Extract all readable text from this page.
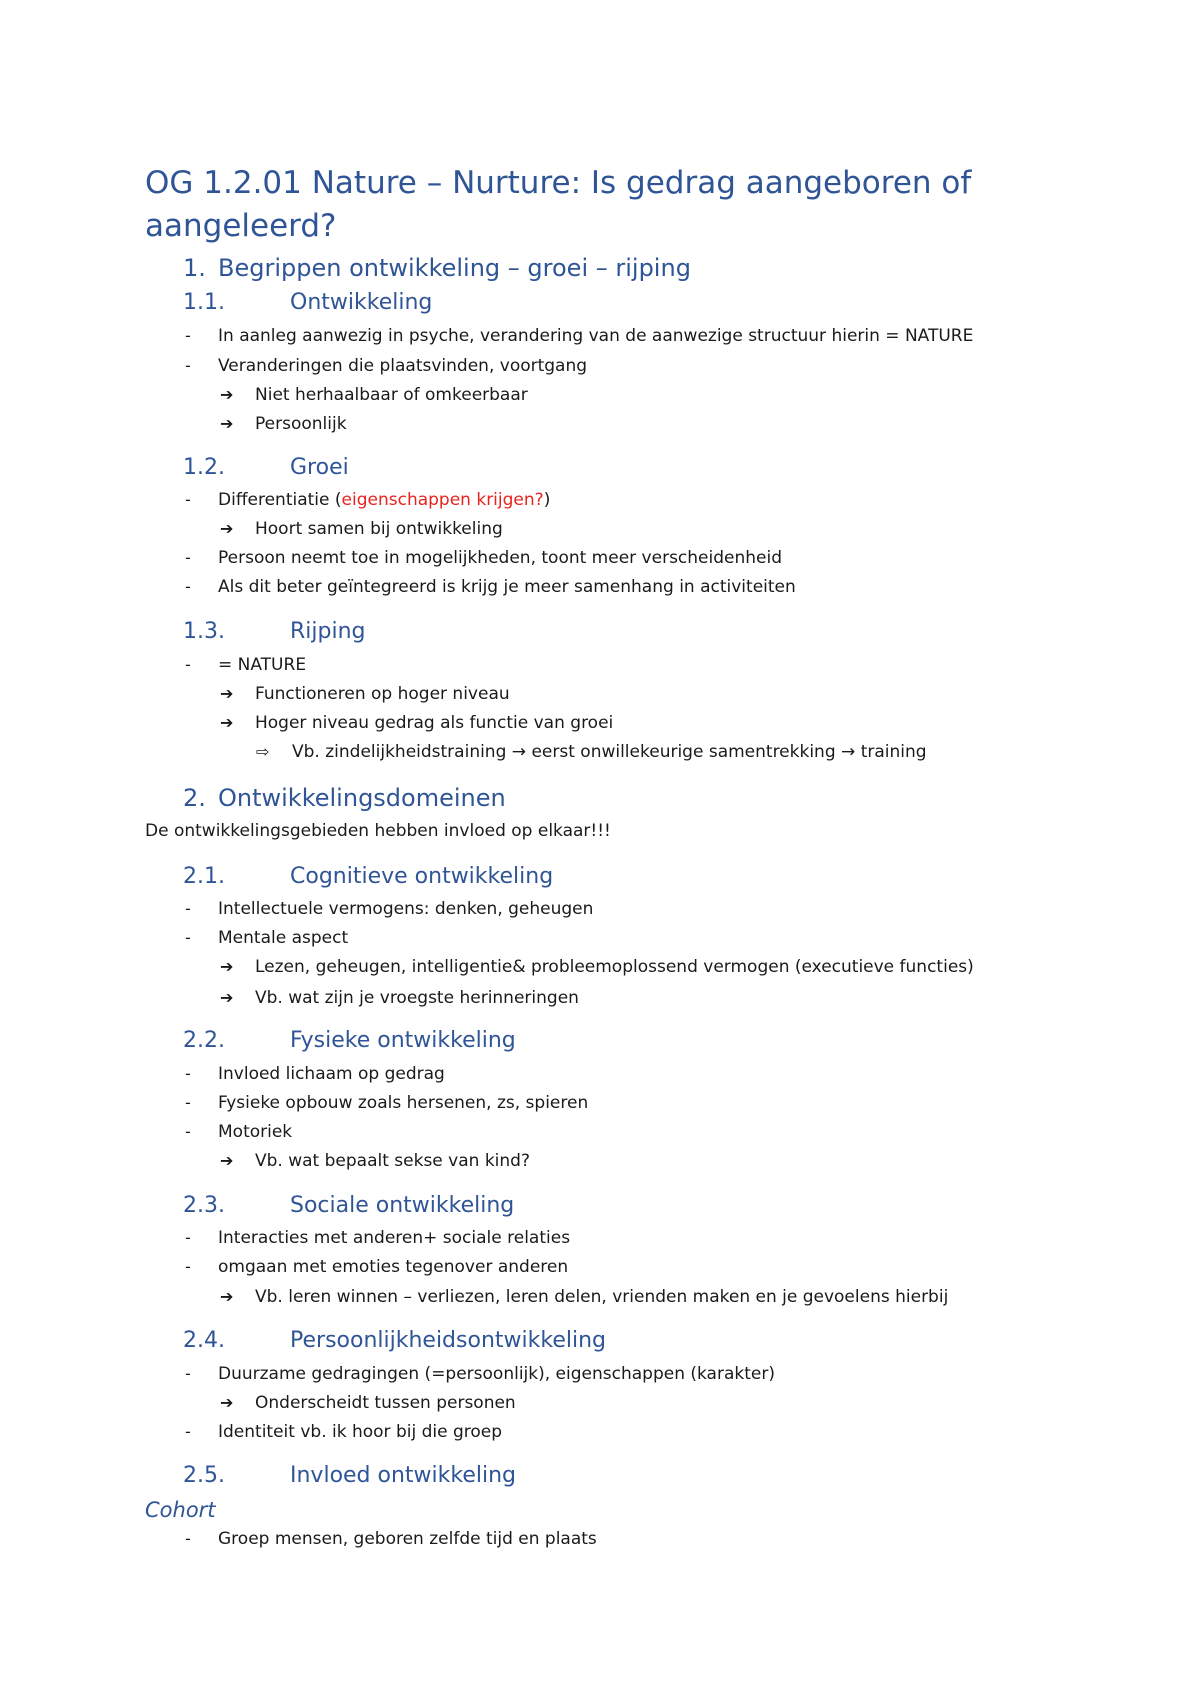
OG 1.2.01 Nature – Nurture: Is gedrag aangeboren of aangeleerd?
1. Begrippen ontwikkeling – groei – rijping
1.1.	Ontwikkeling
- In aanleg aanwezig in psyche, verandering van de aanwezige structuur hierin = NATURE
- Veranderingen die plaatsvinden, voortgang
➔ Niet herhaalbaar of omkeerbaar
➔ Persoonlijk
1.2.	Groei
- Differentiatie (eigenschappen krijgen?)
➔ Hoort samen bij ontwikkeling
- Persoon neemt toe in mogelijkheden, toont meer verscheidenheid
- Als dit beter geïntegreerd is krijg je meer samenhang in activiteiten
1.3.	Rijping
- = NATURE
➔ Functioneren op hoger niveau
➔ Hoger niveau gedrag als functie van groei
⇨ Vb. zindelijkheidstraining → eerst onwillekeurige samentrekking → training
2. Ontwikkelingsdomeinen
De ontwikkelingsgebieden hebben invloed op elkaar!!!
2.1.	Cognitieve ontwikkeling
- Intellectuele vermogens: denken, geheugen
- Mentale aspect
➔ Lezen, geheugen, intelligentie& probleemoplossend vermogen (executieve functies)
➔ Vb. wat zijn je vroegste herinneringen
2.2.	Fysieke ontwikkeling
- Invloed lichaam op gedrag
- Fysieke opbouw zoals hersenen, zs, spieren
- Motoriek
➔ Vb. wat bepaalt sekse van kind?
2.3.	Sociale ontwikkeling
- Interacties met anderen+ sociale relaties
- omgaan met emoties tegenover anderen
➔ Vb. leren winnen – verliezen, leren delen, vrienden maken en je gevoelens hierbij
2.4.	Persoonlijkheidsontwikkeling
- Duurzame gedragingen (=persoonlijk), eigenschappen (karakter)
➔ Onderscheidt tussen personen
- Identiteit vb. ik hoor bij die groep
2.5.	Invloed ontwikkeling
Cohort
- Groep mensen, geboren zelfde tijd en plaats
